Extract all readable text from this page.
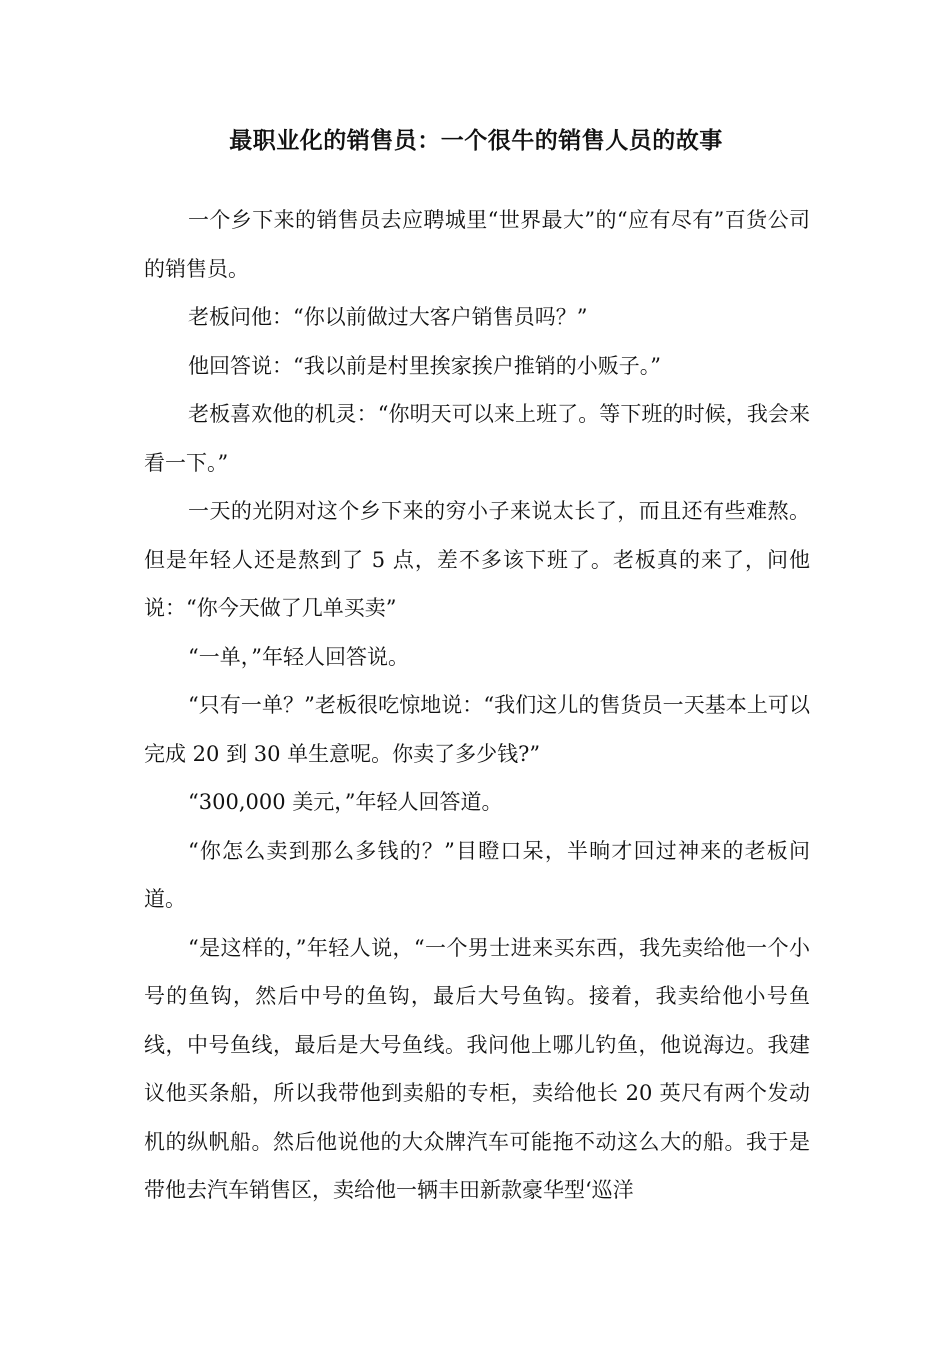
最职业化的销售员：一个很牛的销售人员的故事

一个乡下来的销售员去应聘城里“世界最大”的“应有尽有”百货公司的销售员。

老板问他：“你以前做过大客户销售员吗？”

他回答说：“我以前是村里挨家挨户推销的小贩子。”

老板喜欢他的机灵：“你明天可以来上班了。等下班的时候，我会来看一下。”

一天的光阴对这个乡下来的穷小子来说太长了，而且还有些难熬。但是年轻人还是熬到了 5 点，差不多该下班了。老板真的来了，问他说：“你今天做了几单买卖”

“一单，”年轻人回答说。

“只有一单？”老板很吃惊地说：“我们这儿的售货员一天基本上可以完成 20 到 30 单生意呢。你卖了多少钱?”

“300,000 美元，”年轻人回答道。

“你怎么卖到那么多钱的？”目瞪口呆，半晌才回过神来的老板问道。

“是这样的，”年轻人说，“一个男士进来买东西，我先卖给他一个小号的鱼钩，然后中号的鱼钩，最后大号鱼钩。接着，我卖给他小号鱼线，中号鱼线，最后是大号鱼线。我问他上哪儿钓鱼，他说海边。我建议他买条船，所以我带他到卖船的专柜，卖给他长 20 英尺有两个发动机的纵帆船。然后他说他的大众牌汽车可能拖不动这么大的船。我于是带他去汽车销售区，卖给他一辆丰田新款豪华型‘巡洋
